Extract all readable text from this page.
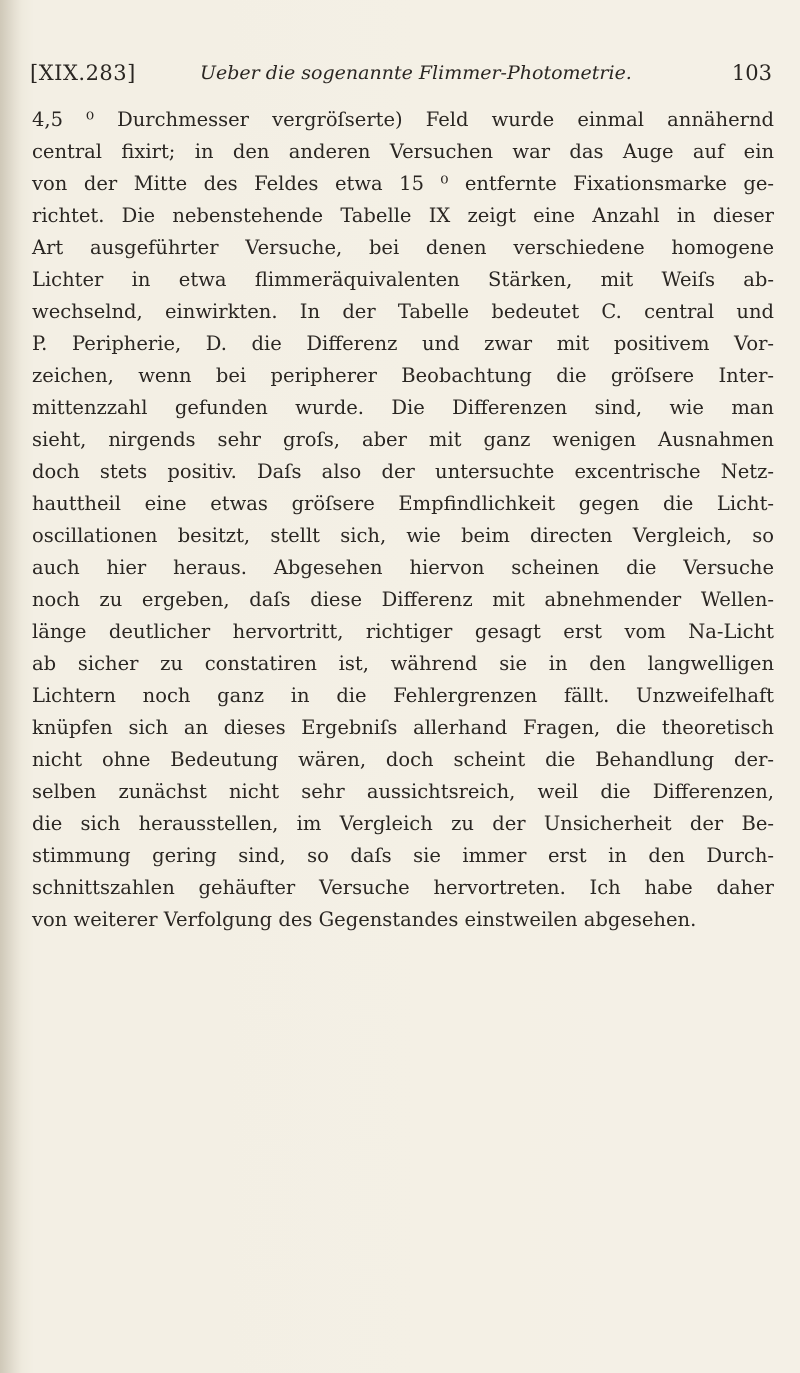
[XIX.283]	Ueber die sogenannte Flimmer-Photometrie.	103
4,5 ⁰ Durchmesser vergröſserte) Feld wurde einmal annähernd
central fixirt; in den anderen Versuchen war das Auge auf ein
von der Mitte des Feldes etwa 15 ⁰ entfernte Fixationsmarke ge-
richtet. Die nebenstehende Tabelle IX zeigt eine Anzahl in dieser
Art ausgeführter Versuche, bei denen verschiedene homogene
Lichter in etwa flimmeräquivalenten Stärken, mit Weiſs ab-
wechselnd, einwirkten. In der Tabelle bedeutet C. central und
P. Peripherie, D. die Differenz und zwar mit positivem Vor-
zeichen, wenn bei peripherer Beobachtung die gröſsere Inter-
mittenzzahl gefunden wurde. Die Differenzen sind, wie man
sieht, nirgends sehr groſs, aber mit ganz wenigen Ausnahmen
doch stets positiv. Daſs also der untersuchte excentrische Netz-
hauttheil eine etwas gröſsere Empfindlichkeit gegen die Licht-
oscillationen besitzt, stellt sich, wie beim directen Vergleich, so
auch hier heraus. Abgesehen hiervon scheinen die Versuche
noch zu ergeben, daſs diese Differenz mit abnehmender Wellen-
länge deutlicher hervortritt, richtiger gesagt erst vom Na-Licht
ab sicher zu constatiren ist, während sie in den langwelligen
Lichtern noch ganz in die Fehlergrenzen fällt. Unzweifelhaft
knüpfen sich an dieses Ergebniſs allerhand Fragen, die theoretisch
nicht ohne Bedeutung wären, doch scheint die Behandlung der-
selben zunächst nicht sehr aussichtsreich, weil die Differenzen,
die sich herausstellen, im Vergleich zu der Unsicherheit der Be-
stimmung gering sind, so daſs sie immer erst in den Durch-
schnittszahlen gehäufter Versuche hervortreten. Ich habe daher
von weiterer Verfolgung des Gegenstandes einstweilen abgesehen.
